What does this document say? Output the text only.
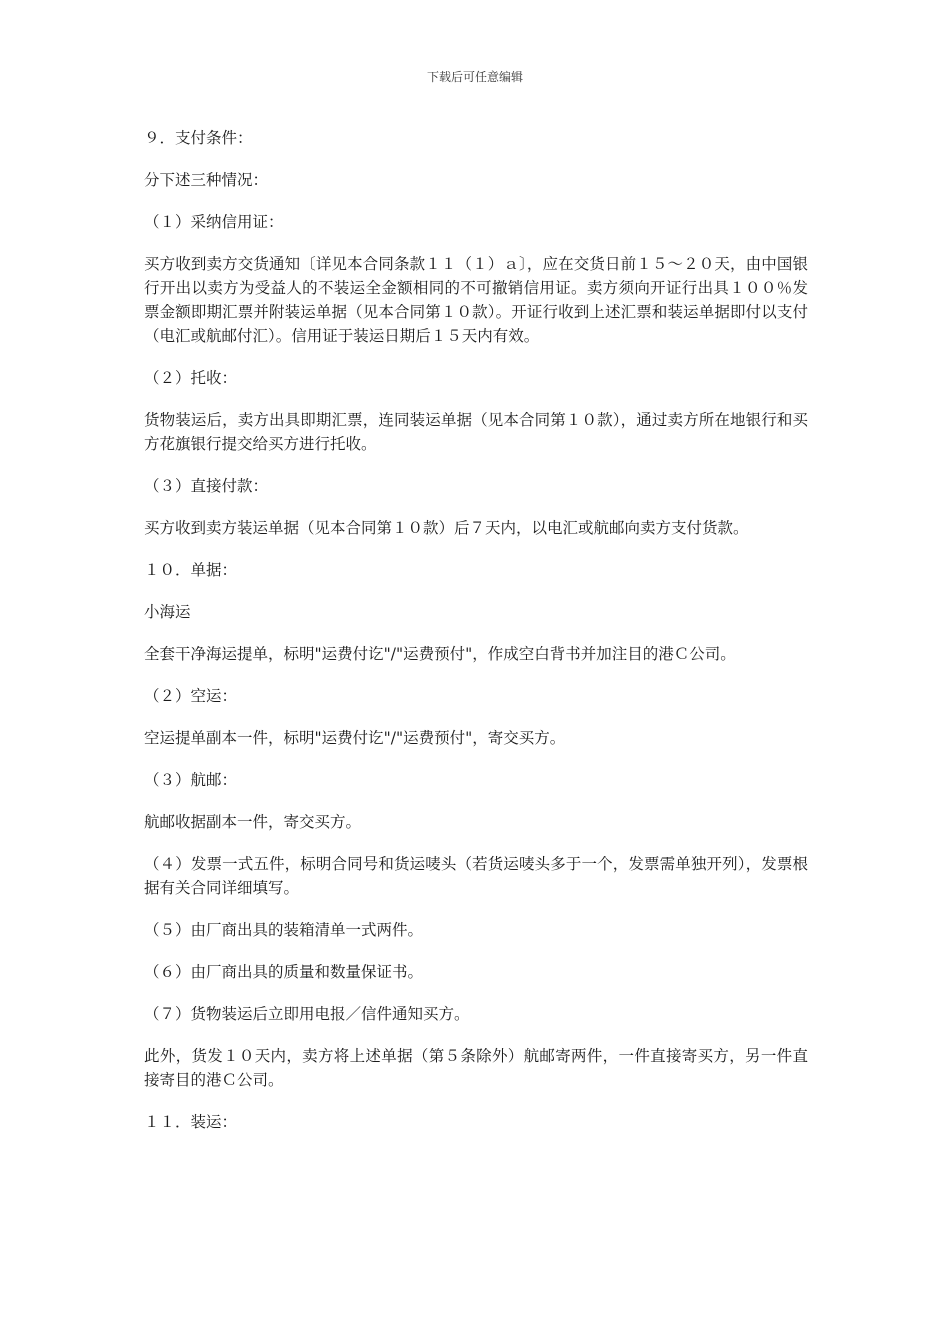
下载后可任意编辑

９．支付条件：

分下述三种情况：

（１）采纳信用证：

买方收到卖方交货通知〔详见本合同条款１１（１）ａ〕，应在交货日前１５～２０天，由中国银行开出以卖方为受益人的不装运全金额相同的不可撤销信用证。卖方须向开证行出具１００％发票金额即期汇票并附装运单据（见本合同第１０款）。开证行收到上述汇票和装运单据即付以支付（电汇或航邮付汇）。信用证于装运日期后１５天内有效。

（２）托收：

货物装运后，卖方出具即期汇票，连同装运单据（见本合同第１０款），通过卖方所在地银行和买方花旗银行提交给买方进行托收。

（３）直接付款：

买方收到卖方装运单据（见本合同第１０款）后７天内，以电汇或航邮向卖方支付货款。

１０．单据：

小海运

全套干净海运提单，标明"运费付讫"/"运费预付"，作成空白背书并加注目的港Ｃ公司。

（２）空运：

空运提单副本一件，标明"运费付讫"/"运费预付"，寄交买方。

（３）航邮：

航邮收据副本一件，寄交买方。

（４）发票一式五件，标明合同号和货运唛头（若货运唛头多于一个，发票需单独开列），发票根据有关合同详细填写。

（５）由厂商出具的装箱清单一式两件。

（６）由厂商出具的质量和数量保证书。

（７）货物装运后立即用电报／信件通知买方。

此外，货发１０天内，卖方将上述单据（第５条除外）航邮寄两件，一件直接寄买方，另一件直接寄目的港Ｃ公司。

１１．装运：
